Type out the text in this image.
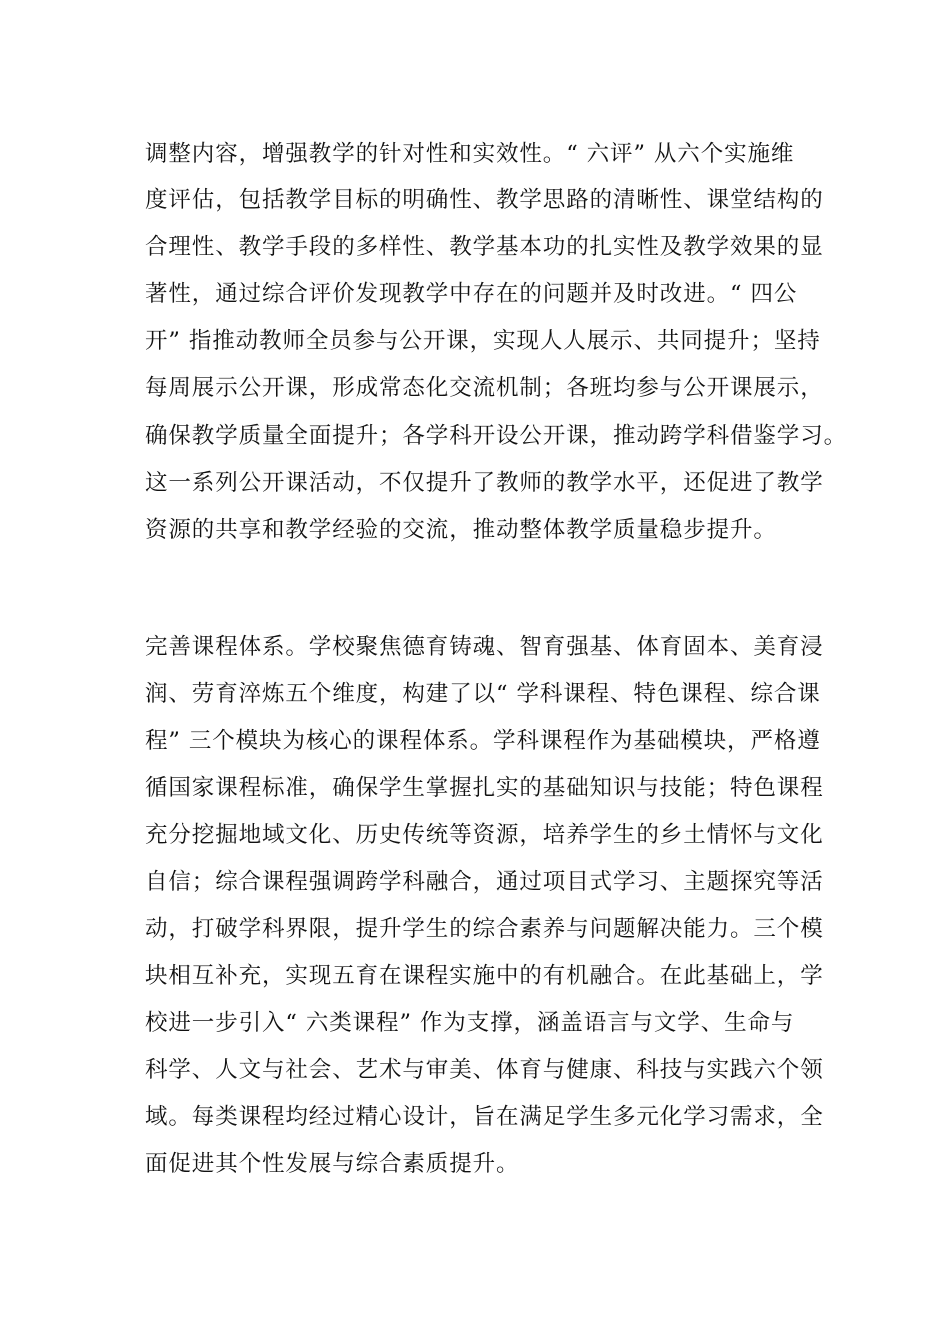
调整内容，增强教学的针对性和实效性。“ 六评” 从六个实施维
度评估，包括教学目标的明确性、教学思路的清晰性、课堂结构的
合理性、教学手段的多样性、教学基本功的扎实性及教学效果的显
著性，通过综合评价发现教学中存在的问题并及时改进。“ 四公
开” 指推动教师全员参与公开课，实现人人展示、共同提升；坚持
每周展示公开课，形成常态化交流机制；各班均参与公开课展示，
确保教学质量全面提升；各学科开设公开课，推动跨学科借鉴学习。
这一系列公开课活动，不仅提升了教师的教学水平，还促进了教学
资源的共享和教学经验的交流，推动整体教学质量稳步提升。
完善课程体系。学校聚焦德育铸魂、智育强基、体育固本、美育浸
润、劳育淬炼五个维度，构建了以“ 学科课程、特色课程、综合课
程” 三个模块为核心的课程体系。学科课程作为基础模块，严格遵
循国家课程标准，确保学生掌握扎实的基础知识与技能；特色课程
充分挖掘地域文化、历史传统等资源，培养学生的乡土情怀与文化
自信；综合课程强调跨学科融合，通过项目式学习、主题探究等活
动，打破学科界限，提升学生的综合素养与问题解决能力。三个模
块相互补充，实现五育在课程实施中的有机融合。在此基础上，学
校进一步引入“ 六类课程” 作为支撑，涵盖语言与文学、生命与
科学、人文与社会、艺术与审美、体育与健康、科技与实践六个领
域。每类课程均经过精心设计，旨在满足学生多元化学习需求，全
面促进其个性发展与综合素质提升。
